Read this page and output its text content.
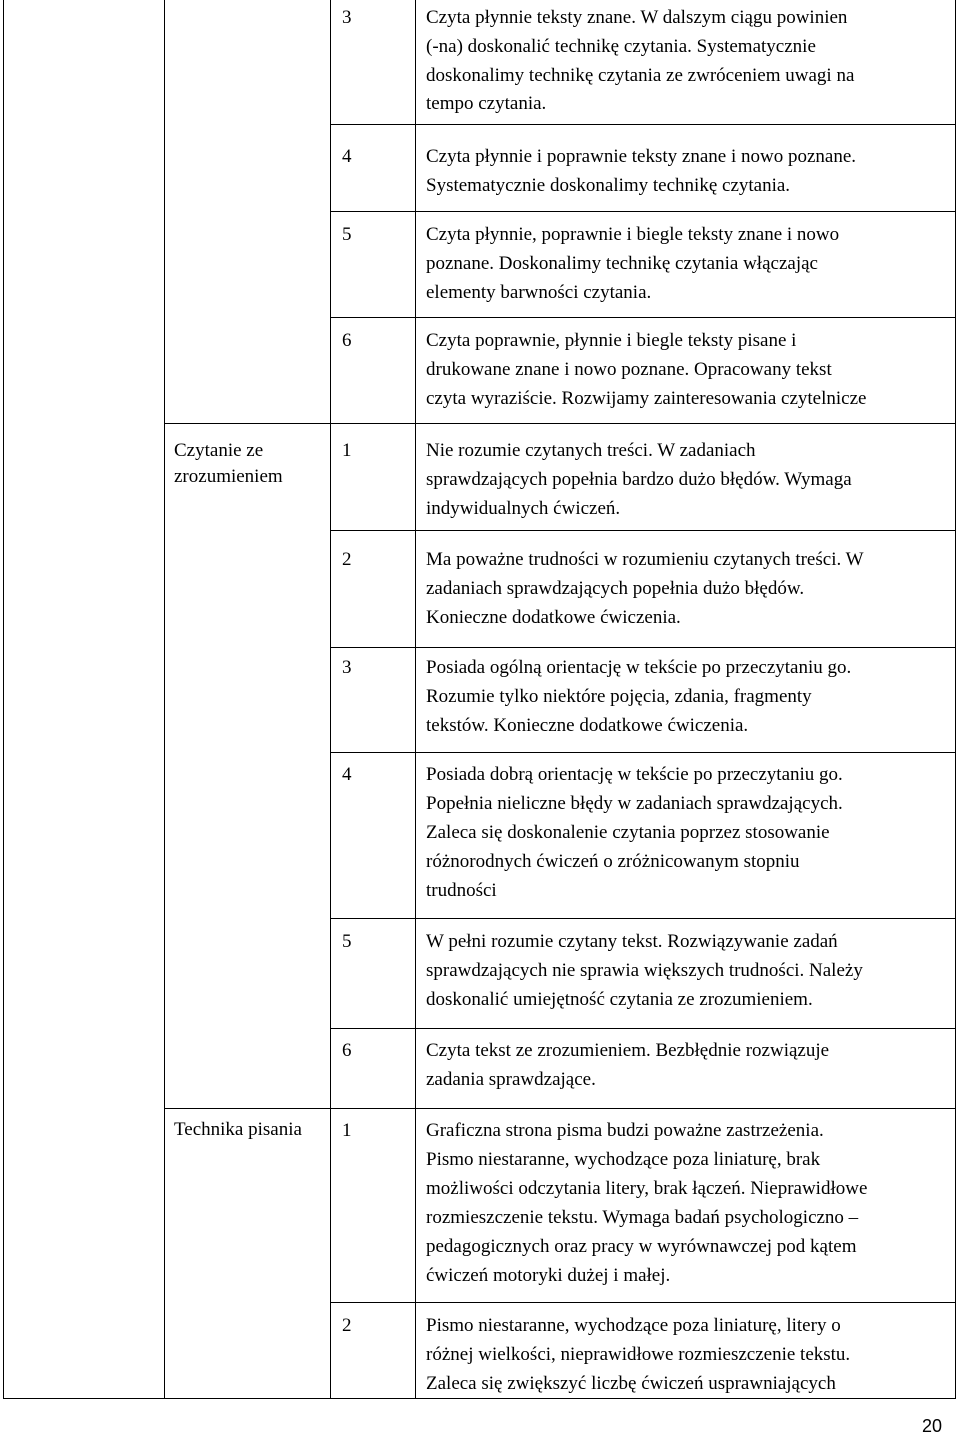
3	Czyta płynnie teksty znane. W dalszym ciągu powinien
(-na) doskonalić technikę czytania. Systematycznie
doskonalimy technikę czytania ze zwróceniem uwagi na
tempo czytania.
4	Czyta płynnie i poprawnie teksty znane i nowo poznane.
Systematycznie doskonalimy technikę czytania.
5	Czyta płynnie, poprawnie i biegle teksty znane i nowo
poznane. Doskonalimy technikę czytania włączając
elementy barwności czytania.
6	Czyta poprawnie, płynnie i biegle teksty pisane i
drukowane znane i nowo poznane. Opracowany tekst
czyta wyraziście. Rozwijamy zainteresowania czytelnicze
Czytanie ze
zrozumieniem
1	Nie rozumie czytanych treści. W zadaniach
sprawdzających popełnia bardzo dużo błędów. Wymaga
indywidualnych ćwiczeń.
2	Ma poważne trudności w rozumieniu czytanych treści. W
zadaniach sprawdzających popełnia dużo błędów.
Konieczne dodatkowe ćwiczenia.
3	Posiada ogólną orientację w tekście po przeczytaniu go.
Rozumie tylko niektóre pojęcia, zdania, fragmenty
tekstów. Konieczne dodatkowe ćwiczenia.
4	Posiada dobrą orientację w tekście po przeczytaniu go.
Popełnia nieliczne błędy w zadaniach sprawdzających.
Zaleca się doskonalenie czytania poprzez stosowanie
różnorodnych ćwiczeń o zróżnicowanym stopniu
trudności
5	W pełni rozumie czytany tekst. Rozwiązywanie zadań
sprawdzających nie sprawia większych trudności. Należy
doskonalić umiejętność czytania ze zrozumieniem.
6	Czyta tekst ze zrozumieniem. Bezbłędnie rozwiązuje
zadania sprawdzające.
Technika pisania 1	Graficzna strona pisma budzi poważne zastrzeżenia.
Pismo niestaranne, wychodzące poza liniaturę, brak
możliwości odczytania litery, brak łączeń. Nieprawidłowe
rozmieszczenie tekstu. Wymaga badań psychologiczno –
pedagogicznych oraz pracy w wyrównawczej pod kątem
ćwiczeń motoryki dużej i małej.
2	Pismo niestaranne, wychodzące poza liniaturę, litery o
różnej wielkości, nieprawidłowe rozmieszczenie tekstu.
Zaleca się zwiększyć liczbę ćwiczeń usprawniających
20
